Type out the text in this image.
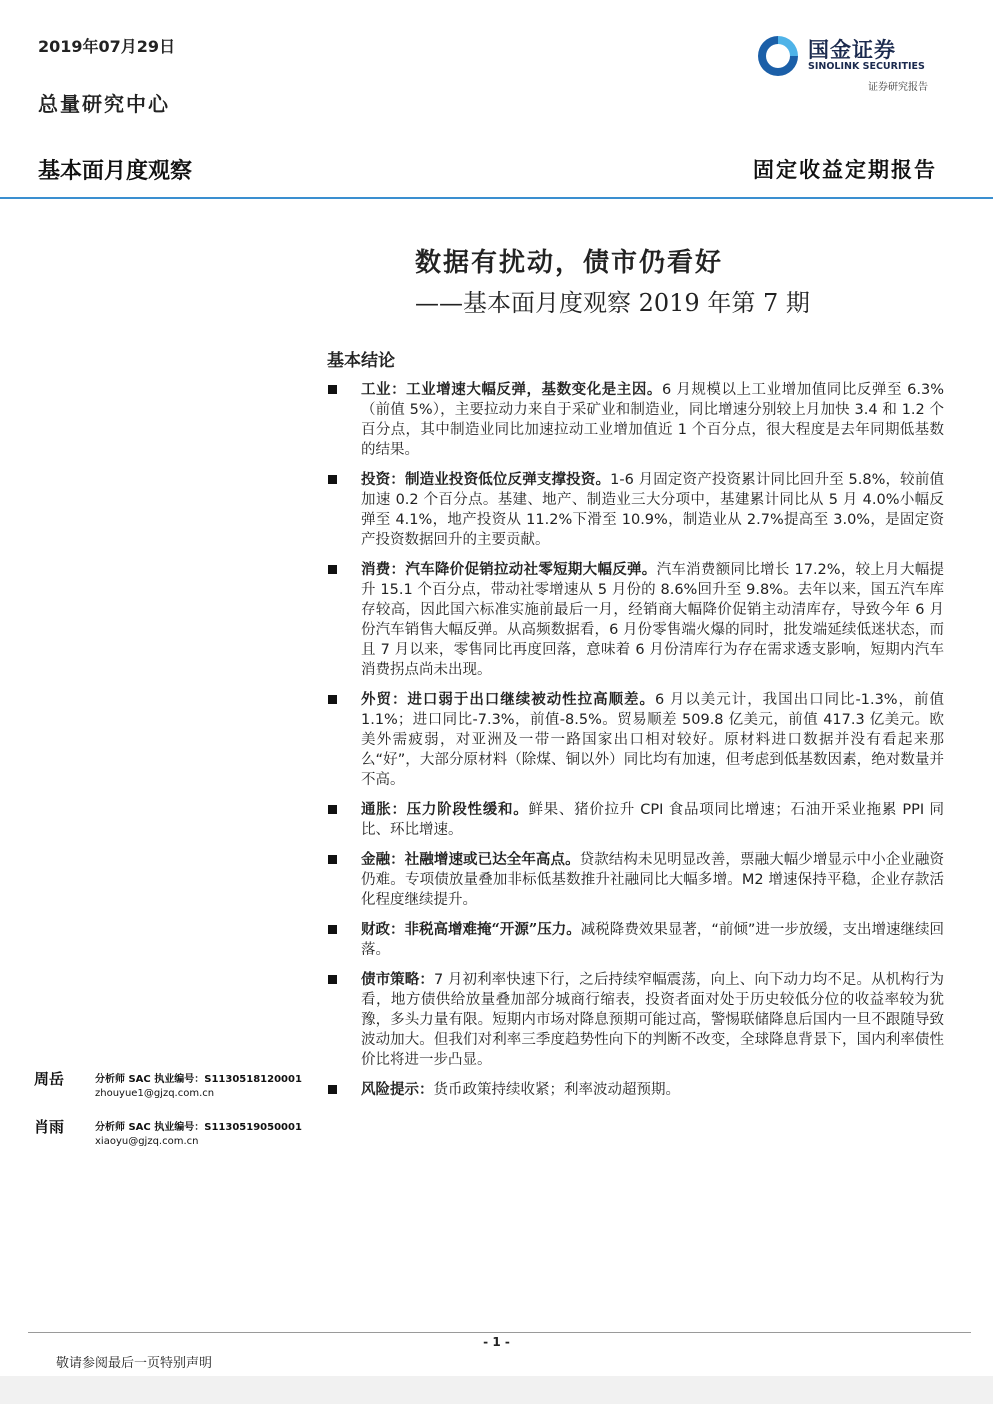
2019年07月29日
总量研究中心
国金证券
SINOLINK SECURITIES
证券研究报告
基本面月度观察	固定收益定期报告
数据有扰动，债市仍看好
——基本面月度观察 2019 年第 7 期
基本结论
工业：工业增速大幅反弹，基数变化是主因。6 月规模以上工业增加值同比反弹至 6.3%（前值 5%），主要拉动力来自于采矿业和制造业，同比增速分别较上月加快 3.4 和 1.2 个百分点，其中制造业同比加速拉动工业增加值近 1 个百分点，很大程度是去年同期低基数的结果。
投资：制造业投资低位反弹支撑投资。1-6 月固定资产投资累计同比回升至 5.8%，较前值加速 0.2 个百分点。基建、地产、制造业三大分项中，基建累计同比从 5 月 4.0%小幅反弹至 4.1%，地产投资从 11.2%下滑至 10.9%，制造业从 2.7%提高至 3.0%，是固定资产投资数据回升的主要贡献。
消费：汽车降价促销拉动社零短期大幅反弹。汽车消费额同比增长 17.2%，较上月大幅提升 15.1 个百分点，带动社零增速从 5 月份的 8.6%回升至 9.8%。去年以来，国五汽车库存较高，因此国六标准实施前最后一月，经销商大幅降价促销主动清库存，导致今年 6 月份汽车销售大幅反弹。从高频数据看，6 月份零售端火爆的同时，批发端延续低迷状态，而且 7 月以来，零售同比再度回落，意味着 6 月份清库行为存在需求透支影响，短期内汽车消费拐点尚未出现。
外贸：进口弱于出口继续被动性拉高顺差。6 月以美元计，我国出口同比-1.3%，前值 1.1%；进口同比-7.3%，前值-8.5%。贸易顺差 509.8 亿美元，前值 417.3 亿美元。欧美外需疲弱，对亚洲及一带一路国家出口相对较好。原材料进口数据并没有看起来那么“好”，大部分原材料（除煤、铜以外）同比均有加速，但考虑到低基数因素，绝对数量并不高。
通胀：压力阶段性缓和。鲜果、猪价拉升 CPI 食品项同比增速；石油开采业拖累 PPI 同比、环比增速。
金融：社融增速或已达全年高点。贷款结构未见明显改善，票融大幅少增显示中小企业融资仍难。专项债放量叠加非标低基数推升社融同比大幅多增。M2 增速保持平稳，企业存款活化程度继续提升。
财政：非税高增难掩“开源”压力。减税降费效果显著，“前倾”进一步放缓，支出增速继续回落。
债市策略：7 月初利率快速下行，之后持续窄幅震荡，向上、向下动力均不足。从机构行为看，地方债供给放量叠加部分城商行缩表，投资者面对处于历史较低分位的收益率较为犹豫，多头力量有限。短期内市场对降息预期可能过高，警惕联储降息后国内一旦不跟随导致波动加大。但我们对利率三季度趋势性向下的判断不改变，全球降息背景下，国内利率债性价比将进一步凸显。
风险提示：货币政策持续收紧；利率波动超预期。
周岳	分析师 SAC 执业编号：S1130518120001
zhouyue1@gjzq.com.cn
肖雨	分析师 SAC 执业编号：S1130519050001
xiaoyu@gjzq.com.cn
- 1 -
敬请参阅最后一页特别声明
